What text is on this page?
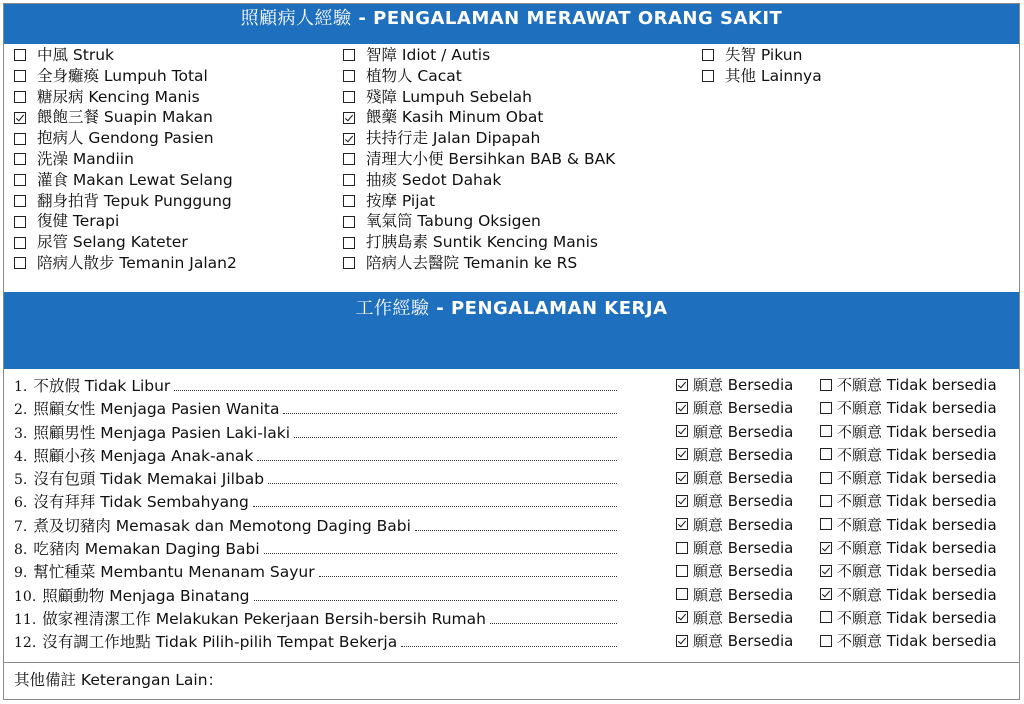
照顧病人經驗 - PENGALAMAN MERAWAT ORANG SAKIT
中風 Struk
全身癱瘓 Lumpuh Total
糖尿病 Kencing Manis
餵飽三餐 Suapin Makan
抱病人 Gendong Pasien
洗澡 Mandiin
灌食 Makan Lewat Selang
翻身拍背 Tepuk Punggung
復健 Terapi
尿管 Selang Kateter
陪病人散步 Temanin Jalan2
智障 Idiot / Autis
植物人 Cacat
殘障 Lumpuh Sebelah
餵藥 Kasih Minum Obat
扶持行走 Jalan Dipapah
清理大小便 Bersihkan BAB & BAK
抽痰 Sedot Dahak
按摩 Pijat
氧氣筒 Tabung Oksigen
打胰島素 Suntik Kencing Manis
陪病人去醫院 Temanin ke RS
失智 Pikun
其他 Lainnya
工作經驗 - PENGALAMAN KERJA
1. 不放假 Tidak Libur	願意 Bersedia	不願意 Tidak bersedia
2. 照顧女性 Menjaga Pasien Wanita	願意 Bersedia	不願意 Tidak bersedia
3. 照顧男性 Menjaga Pasien Laki-laki	願意 Bersedia	不願意 Tidak bersedia
4. 照顧小孩 Menjaga Anak-anak	願意 Bersedia	不願意 Tidak bersedia
5. 沒有包頭 Tidak Memakai Jilbab	願意 Bersedia	不願意 Tidak bersedia
6. 沒有拜拜 Tidak Sembahyang	願意 Bersedia	不願意 Tidak bersedia
7. 煮及切豬肉 Memasak dan Memotong Daging Babi	願意 Bersedia	不願意 Tidak bersedia
8. 吃豬肉 Memakan Daging Babi	願意 Bersedia	不願意 Tidak bersedia
9. 幫忙種菜 Membantu Menanam Sayur	願意 Bersedia	不願意 Tidak bersedia
10. 照顧動物 Menjaga Binatang	願意 Bersedia	不願意 Tidak bersedia
11. 做家裡清潔工作 Melakukan Pekerjaan Bersih-bersih Rumah	願意 Bersedia	不願意 Tidak bersedia
12. 沒有調工作地點 Tidak Pilih-pilih Tempat Bekerja	願意 Bersedia	不願意 Tidak bersedia
其他備註 Keterangan Lain：
